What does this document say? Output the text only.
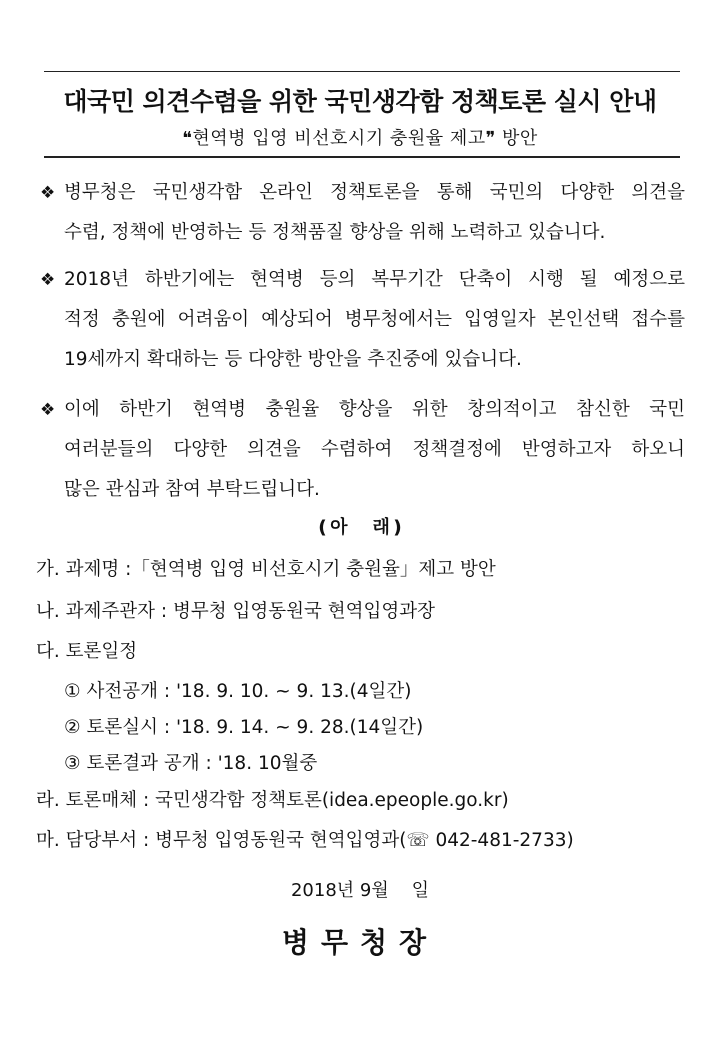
대국민 의견수렴을 위한 국민생각함 정책토론 실시 안내
❝현역병 입영 비선호시기 충원율 제고❞ 방안
❖ 병무청은 국민생각함 온라인 정책토론을 통해 국민의 다양한 의견을
수렴, 정책에 반영하는 등 정책품질 향상을 위해 노력하고 있습니다.
❖ 2018년 하반기에는 현역병 등의 복무기간 단축이 시행 될 예정으로
적정 충원에 어려움이 예상되어 병무청에서는 입영일자 본인선택 접수를
19세까지 확대하는 등 다양한 방안을 추진중에 있습니다.
❖ 이에 하반기 현역병 충원율 향상을 위한 창의적이고 참신한 국민
여러분들의 다양한 의견을 수렴하여 정책결정에 반영하고자 하오니
많은 관심과 참여 부탁드립니다.
❪아    래❫
가. 과제명 :「현역병 입영 비선호시기 충원율」제고 방안
나. 과제주관자 : 병무청 입영동원국 현역입영과장
다. 토론일정
① 사전공개 : '18. 9. 10. ~ 9. 13.(4일간)
② 토론실시 : '18. 9. 14. ~ 9. 28.(14일간)
③ 토론결과 공개 : '18. 10월중
라. 토론매체 : 국민생각함 정책토론(idea.epeople.go.kr)
마. 담당부서 : 병무청 입영동원국 현역입영과(☏ 042-481-2733)
2018년 9월    일
병무청장
